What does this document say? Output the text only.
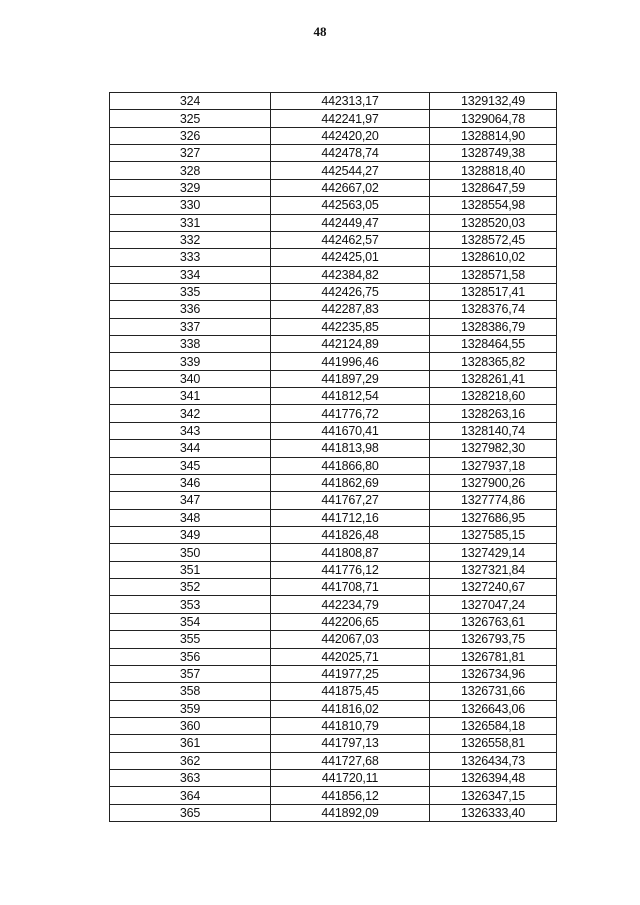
48
324	442313,17	1329132,49
325	442241,97	1329064,78
326	442420,20	1328814,90
327	442478,74	1328749,38
328	442544,27	1328818,40
329	442667,02	1328647,59
330	442563,05	1328554,98
331	442449,47	1328520,03
332	442462,57	1328572,45
333	442425,01	1328610,02
334	442384,82	1328571,58
335	442426,75	1328517,41
336	442287,83	1328376,74
337	442235,85	1328386,79
338	442124,89	1328464,55
339	441996,46	1328365,82
340	441897,29	1328261,41
341	441812,54	1328218,60
342	441776,72	1328263,16
343	441670,41	1328140,74
344	441813,98	1327982,30
345	441866,80	1327937,18
346	441862,69	1327900,26
347	441767,27	1327774,86
348	441712,16	1327686,95
349	441826,48	1327585,15
350	441808,87	1327429,14
351	441776,12	1327321,84
352	441708,71	1327240,67
353	442234,79	1327047,24
354	442206,65	1326763,61
355	442067,03	1326793,75
356	442025,71	1326781,81
357	441977,25	1326734,96
358	441875,45	1326731,66
359	441816,02	1326643,06
360	441810,79	1326584,18
361	441797,13	1326558,81
362	441727,68	1326434,73
363	441720,11	1326394,48
364	441856,12	1326347,15
365	441892,09	1326333,40
